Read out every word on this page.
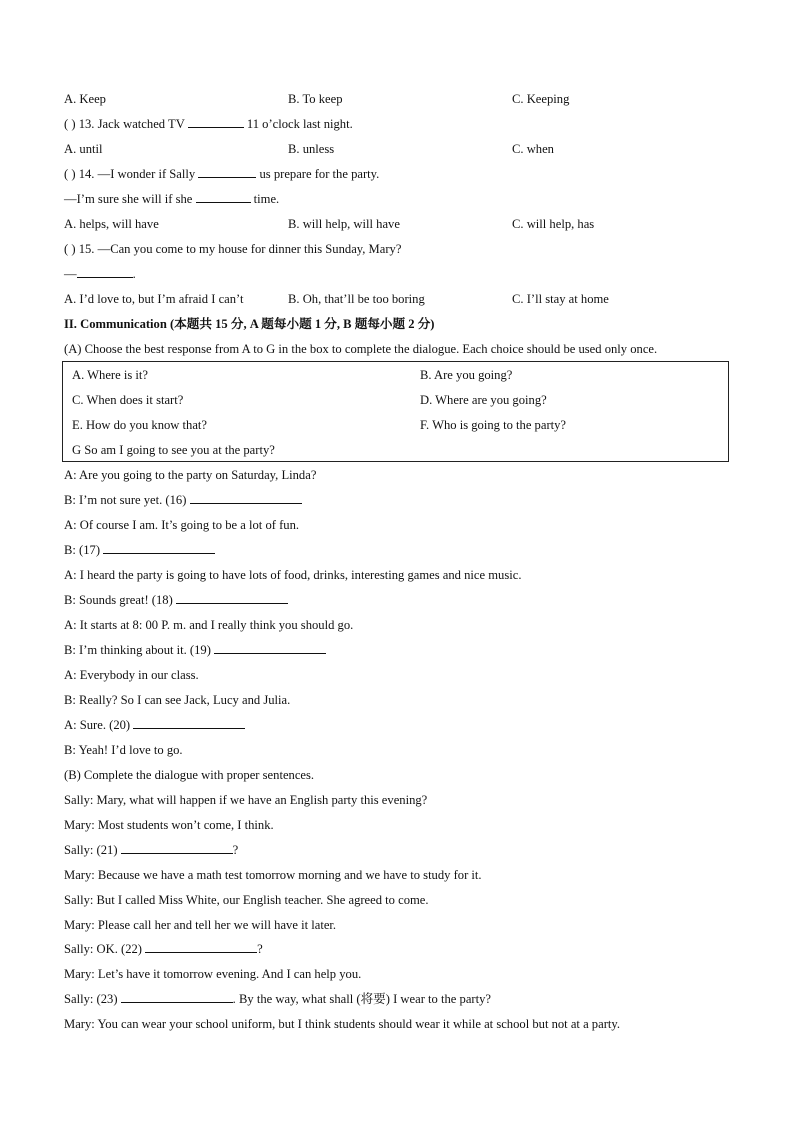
A. Keep	B. To keep	C. Keeping
( ) 13. Jack watched TV	11 o’clock last night.
A. until	B. unless	C. when
( ) 14. —I wonder if Sally	us prepare for the party.
—I’m sure she will if she	time.
A. helps, will have	B. will help, will have	C. will help, has
( ) 15. —Can you come to my house for dinner this Sunday, Mary?
—	.
A. I’d love to, but I’m afraid I can’t	B. Oh, that’ll be too boring	C. I’ll stay at home
II. Communication (本题共 15 分, A 题每小题 1 分, B 题每小题 2 分)
(A) Choose the best response from A to G in the box to complete the dialogue. Each choice should be used only once.
A. Where is it?	B. Are you going?
C. When does it start?	D. Where are you going?
E. How do you know that?	F. Who is going to the party?
G So am I going to see you at the party?
A: Are you going to the party on Saturday, Linda?
B: I’m not sure yet. (16)
A: Of course I am. It’s going to be a lot of fun.
B: (17)
A: I heard the party is going to have lots of food, drinks, interesting games and nice music.
B: Sounds great! (18)
A: It starts at 8: 00 P. m. and I really think you should go.
B: I’m thinking about it. (19)
A: Everybody in our class.
B: Really? So I can see Jack, Lucy and Julia.
A: Sure. (20)
B: Yeah! I’d love to go.
(B) Complete the dialogue with proper sentences.
Sally: Mary, what will happen if we have an English party this evening?
Mary: Most students won’t come, I think.
Sally: (21)	?
Mary: Because we have a math test tomorrow morning and we have to study for it.
Sally: But I called Miss White, our English teacher. She agreed to come.
Mary: Please call her and tell her we will have it later.
Sally: OK. (22)	?
Mary: Let’s have it tomorrow evening. And I can help you.
Sally: (23)	. By the way, what shall (将要) I wear to the party?
Mary: You can wear your school uniform, but I think students should wear it while at school but not at a party.
